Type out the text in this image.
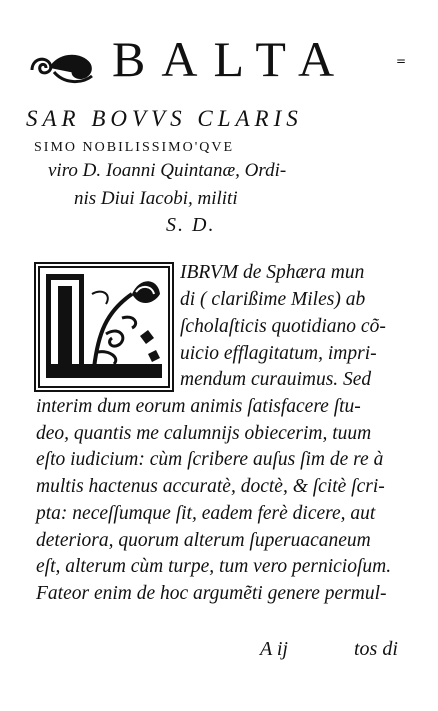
BALTA	=
SAR BOVVS CLARIS
SIMO NOBILISSIMO'QVE
viro D. Ioanni Quintanæ, Ordi-
nis Diui Iacobi, militi
S. D.
IBRVM de Sphæra mun
di ( clarißime Miles) ab
ſcholaſticis quotidiano cõ-
uicio efflagitatum, impri-
mendum curauimus. Sed
interim dum eorum animis ſatisfacere ſtu-
deo, quantis me calumnijs obiecerim, tuum
eſto iudicium: cùm ſcribere auſus ſim de re à
multis hactenus accuratè, doctè, & ſcitè ſcri-
pta: neceſſumque ſit, eadem ferè dicere, aut
deteriora, quorum alterum ſuperuacaneum
eſt, alterum cùm turpe, tum vero pernicioſum.
Fateor enim de hoc argumẽti genere permul-
A ij	tos di
